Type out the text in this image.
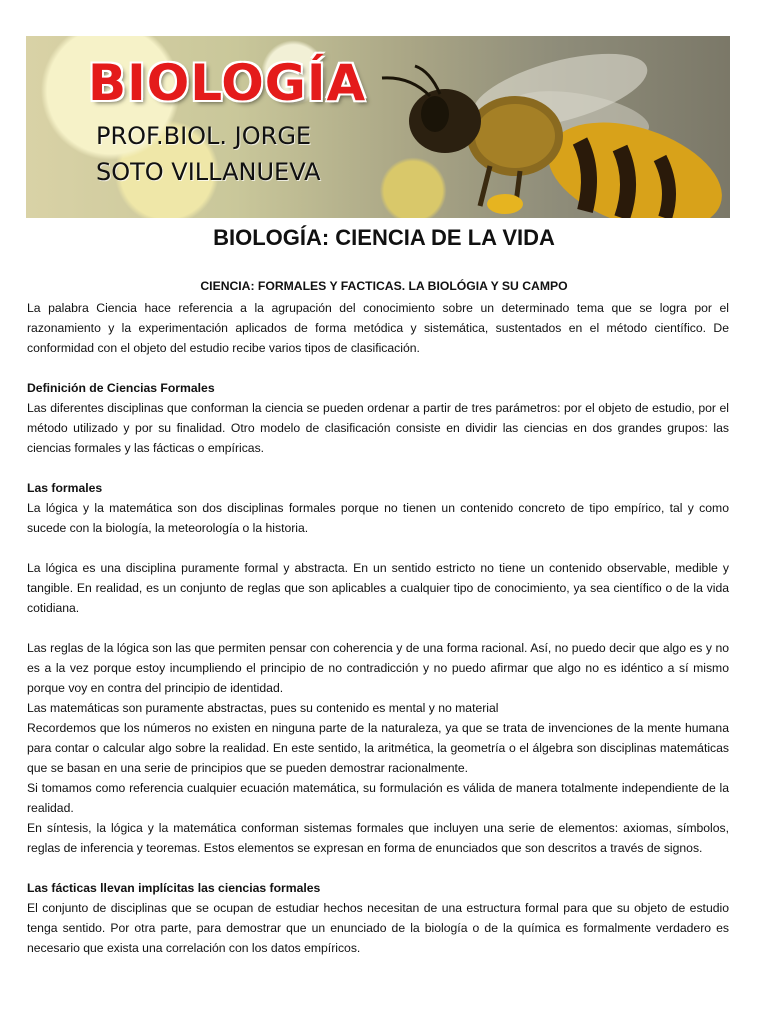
BIOLOGÍA
PROF.BIOL. JORGE
SOTO VILLANUEVA
BIOLOGÍA: CIENCIA DE LA VIDA
CIENCIA: FORMALES Y FACTICAS. LA BIOLÓGIA Y SU CAMPO

La palabra Ciencia hace referencia a la agrupación del conocimiento sobre un determinado tema que se logra por el razonamiento y la experimentación aplicados de forma metódica y sistemática, sustentados en el método científico. De conformidad con el objeto del estudio recibe varios tipos de clasificación.

Definición de Ciencias Formales

Las diferentes disciplinas que conforman la ciencia se pueden ordenar a partir de tres parámetros: por el objeto de estudio, por el método utilizado y por su finalidad. Otro modelo de clasificación consiste en dividir las ciencias en dos grandes grupos: las ciencias formales y las fácticas o empíricas.

Las formales

La lógica y la matemática son dos disciplinas formales porque no tienen un contenido concreto de tipo empírico, tal y como sucede con la biología, la meteorología o la historia.

La lógica es una disciplina puramente formal y abstracta. En un sentido estricto no tiene un contenido observable, medible y tangible. En realidad, es un conjunto de reglas que son aplicables a cualquier tipo de conocimiento, ya sea científico o de la vida cotidiana.

Las reglas de la lógica son las que permiten pensar con coherencia y de una forma racional. Así, no puedo decir que algo es y no es a la vez porque estoy incumpliendo el principio de no contradicción y no puedo afirmar que algo no es idéntico a sí mismo porque voy en contra del principio de identidad.

Las matemáticas son puramente abstractas, pues su contenido es mental y no material

Recordemos que los números no existen en ninguna parte de la naturaleza, ya que se trata de invenciones de la mente humana para contar o calcular algo sobre la realidad. En este sentido, la aritmética, la geometría o el álgebra son disciplinas matemáticas que se basan en una serie de principios que se pueden demostrar racionalmente.

Si tomamos como referencia cualquier ecuación matemática, su formulación es válida de manera totalmente independiente de la realidad.

En síntesis, la lógica y la matemática conforman sistemas formales que incluyen una serie de elementos: axiomas, símbolos, reglas de inferencia y teoremas. Estos elementos se expresan en forma de enunciados que son descritos a través de signos.

Las fácticas llevan implícitas las ciencias formales

El conjunto de disciplinas que se ocupan de estudiar hechos necesitan de una estructura formal para que su objeto de estudio tenga sentido. Por otra parte, para demostrar que un enunciado de la biología o de la química es formalmente verdadero es necesario que exista una correlación con los datos empíricos.
